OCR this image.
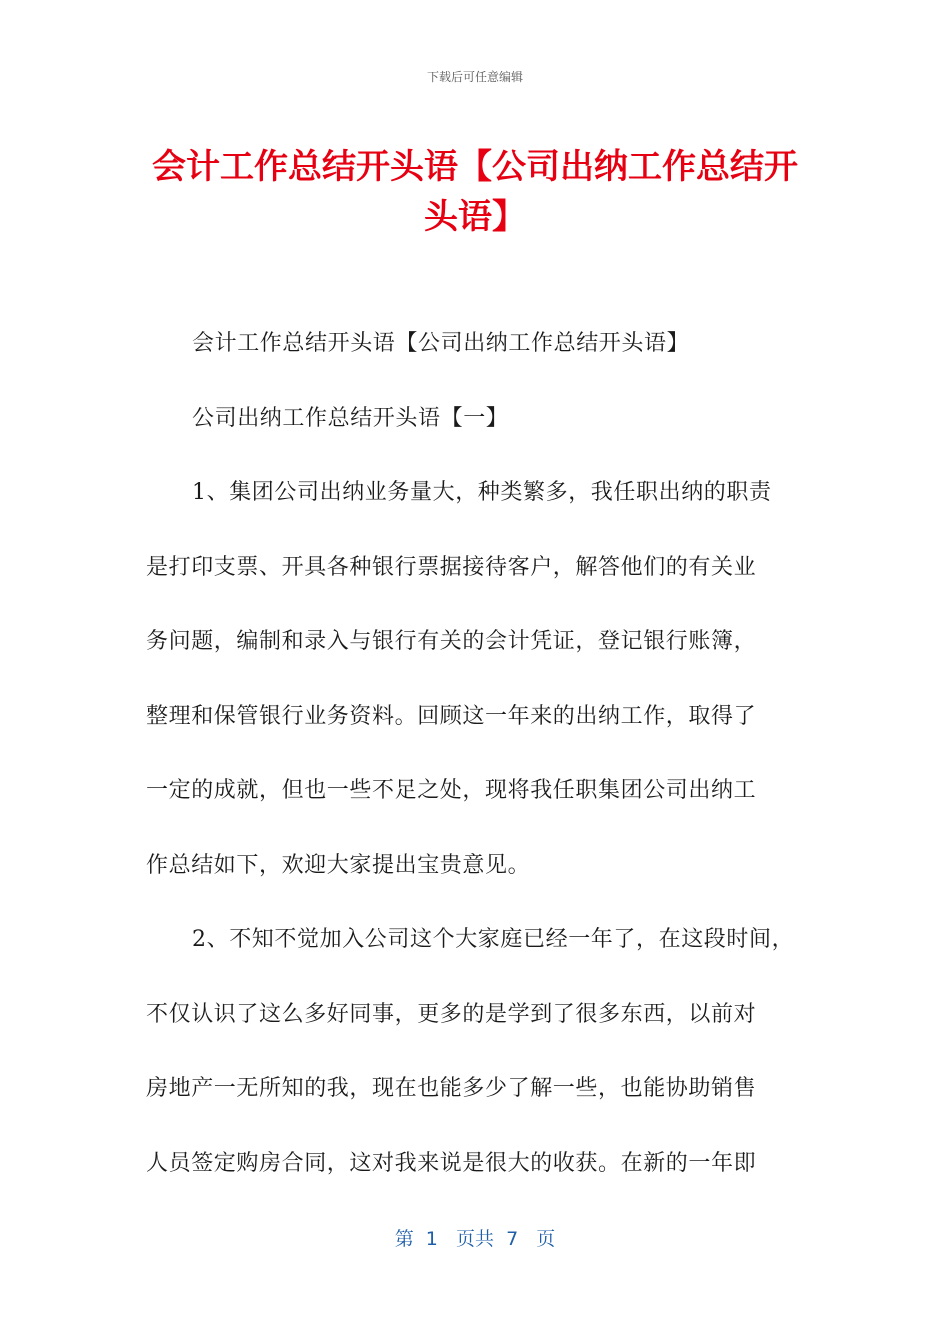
下载后可任意编辑
会计工作总结开头语【公司出纳工作总结开头语】
会计工作总结开头语【公司出纳工作总结开头语】
公司出纳工作总结开头语【一】
1、集团公司出纳业务量大，种类繁多，我任职出纳的职责
是打印支票、开具各种银行票据接待客户，解答他们的有关业
务问题，编制和录入与银行有关的会计凭证，登记银行账簿，
整理和保管银行业务资料。回顾这一年来的出纳工作，取得了
一定的成就，但也一些不足之处，现将我任职集团公司出纳工
作总结如下，欢迎大家提出宝贵意见。
2、不知不觉加入公司这个大家庭已经一年了，在这段时间，
不仅认识了这么多好同事，更多的是学到了很多东西，以前对
房地产一无所知的我，现在也能多少了解一些，也能协助销售
人员签定购房合同，这对我来说是很大的收获。在新的一年即
第  1   页共  7   页
